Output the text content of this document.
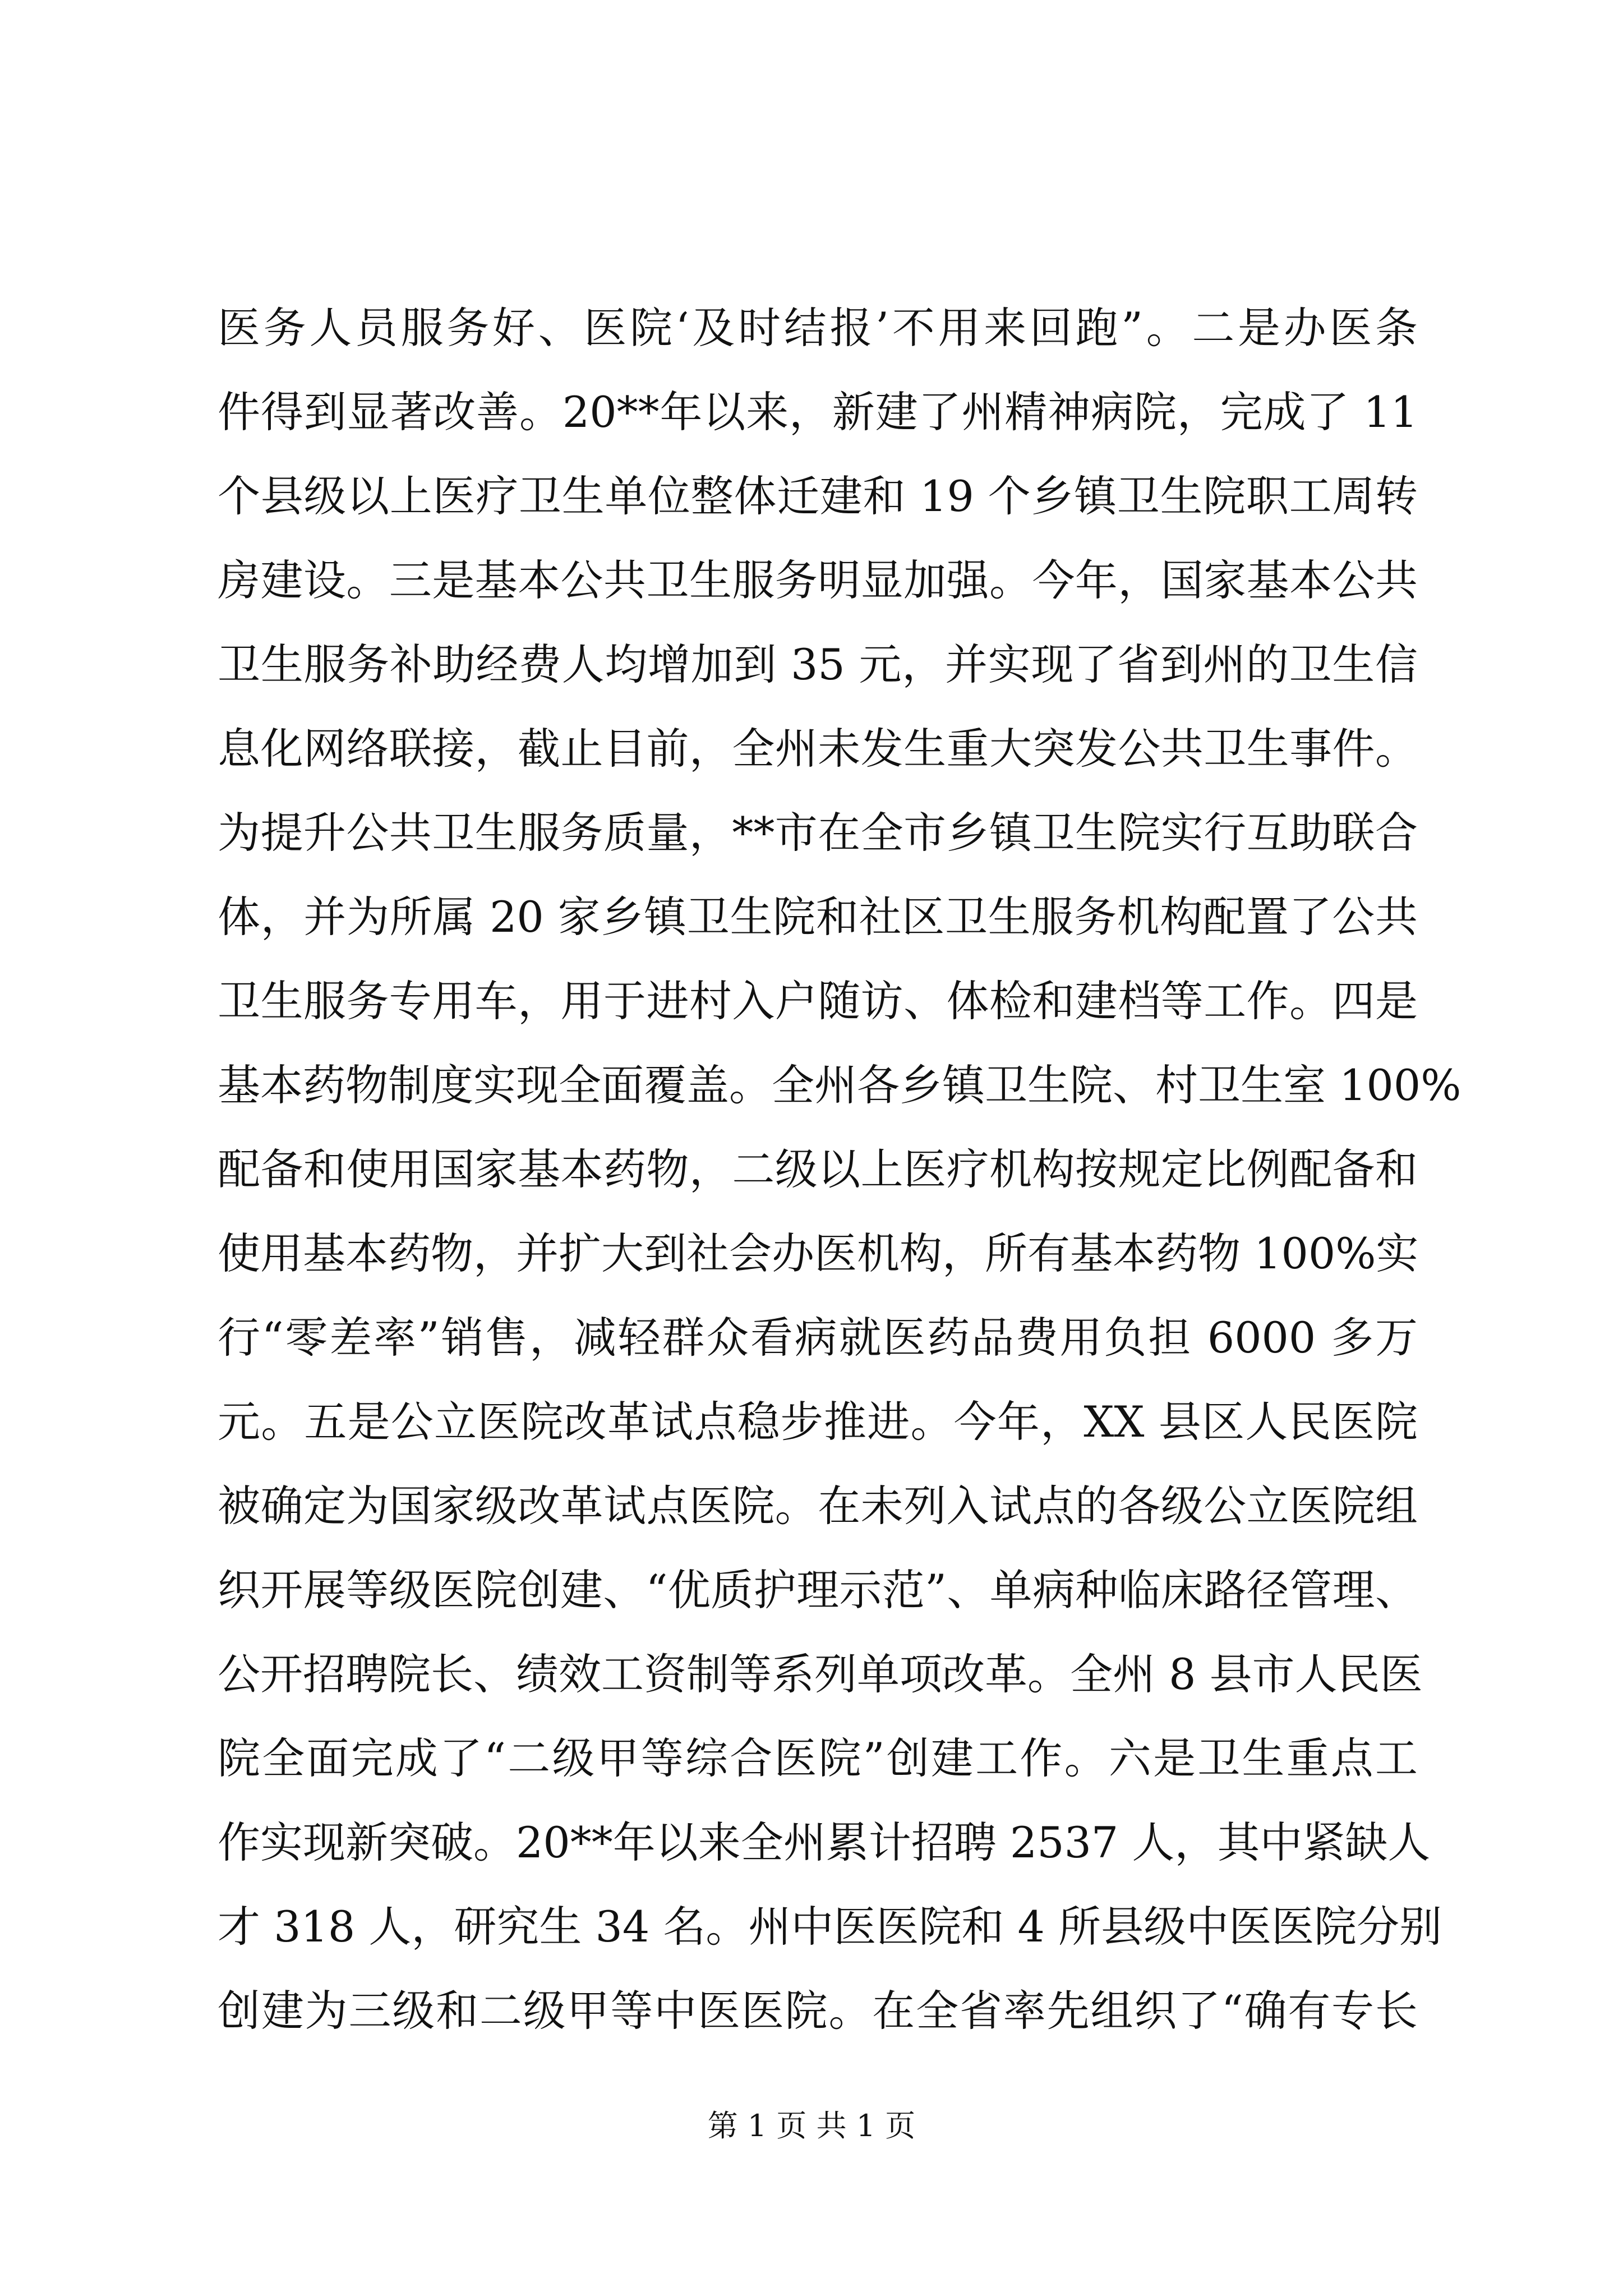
医务人员服务好、医院‘及时结报’不用来回跑”。二是办医条
件得到显著改善。20**年以来，新建了州精神病院，完成了 11
个县级以上医疗卫生单位整体迁建和 19 个乡镇卫生院职工周转
房建设。三是基本公共卫生服务明显加强。今年，国家基本公共
卫生服务补助经费人均增加到 35 元，并实现了省到州的卫生信
息化网络联接，截止目前，全州未发生重大突发公共卫生事件。
为提升公共卫生服务质量，**市在全市乡镇卫生院实行互助联合
体，并为所属 20 家乡镇卫生院和社区卫生服务机构配置了公共
卫生服务专用车，用于进村入户随访、体检和建档等工作。四是
基本药物制度实现全面覆盖。全州各乡镇卫生院、村卫生室 100%
配备和使用国家基本药物，二级以上医疗机构按规定比例配备和
使用基本药物，并扩大到社会办医机构，所有基本药物 100%实
行“零差率”销售，减轻群众看病就医药品费用负担 6000 多万
元。五是公立医院改革试点稳步推进。今年，XX 县区人民医院
被确定为国家级改革试点医院。在未列入试点的各级公立医院组
织开展等级医院创建、“优质护理示范”、单病种临床路径管理、
公开招聘院长、绩效工资制等系列单项改革。全州 8 县市人民医
院全面完成了“二级甲等综合医院”创建工作。六是卫生重点工
作实现新突破。20**年以来全州累计招聘 2537 人，其中紧缺人
才 318 人，研究生 34 名。州中医医院和 4 所县级中医医院分别
创建为三级和二级甲等中医医院。在全省率先组织了“确有专长
第 1 页 共 1 页
